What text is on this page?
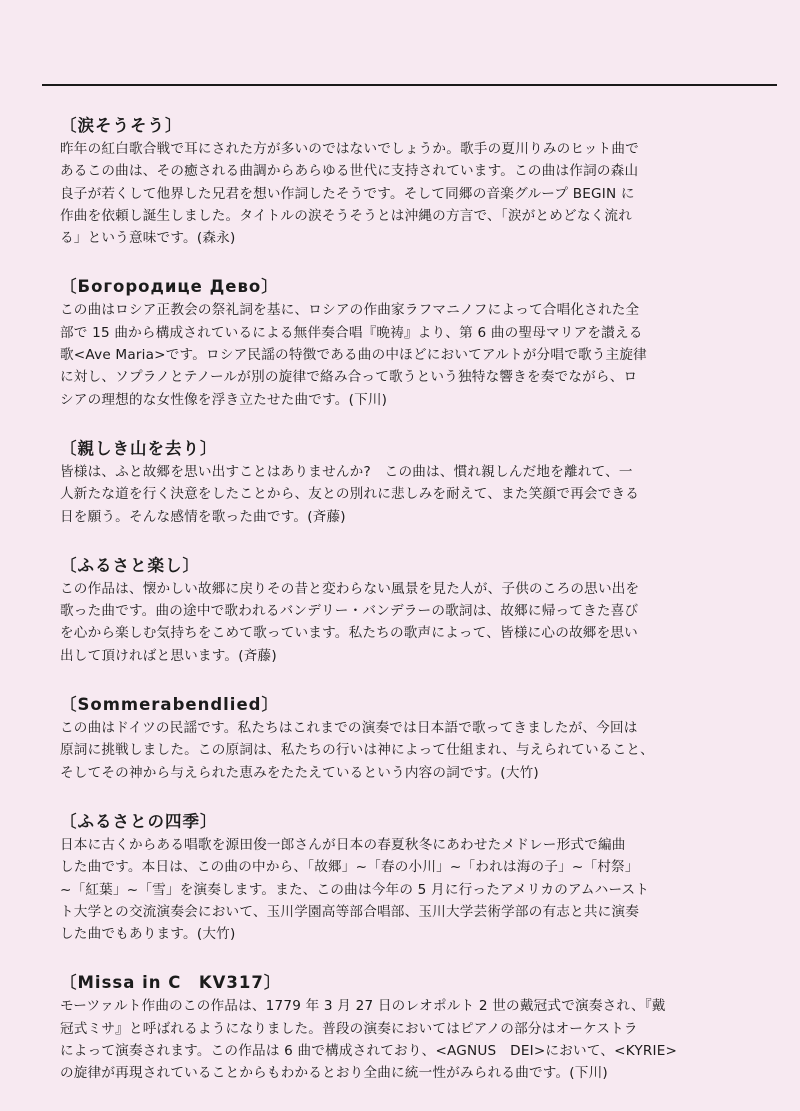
〔涙そうそう〕
昨年の紅白歌合戦で耳にされた方が多いのではないでしょうか。歌手の夏川りみのヒット曲で
あるこの曲は、その癒される曲調からあらゆる世代に支持されています。この曲は作詞の森山
良子が若くして他界した兄君を想い作詞したそうです。そして同郷の音楽グループ BEGIN に
作曲を依頼し誕生しました。タイトルの涙そうそうとは沖縄の方言で、「涙がとめどなく流れ
る」という意味です。(森永)
〔Богородице Дево〕
この曲はロシア正教会の祭礼詞を基に、ロシアの作曲家ラフマニノフによって合唱化された全
部で 15 曲から構成されているによる無伴奏合唱『晩祷』より、第 6 曲の聖母マリアを讃える
歌<Ave Maria>です。ロシア民謡の特徴である曲の中ほどにおいてアルトが分唱で歌う主旋律
に対し、ソプラノとテノールが別の旋律で絡み合って歌うという独特な響きを奏でながら、ロ
シアの理想的な女性像を浮き立たせた曲です。(下川)
〔親しき山を去り〕
皆様は、ふと故郷を思い出すことはありませんか?　この曲は、慣れ親しんだ地を離れて、一
人新たな道を行く決意をしたことから、友との別れに悲しみを耐えて、また笑顔で再会できる
日を願う。そんな感情を歌った曲です。(斉藤)
〔ふるさと楽し〕
この作品は、懐かしい故郷に戻りその昔と変わらない風景を見た人が、子供のころの思い出を
歌った曲です。曲の途中で歌われるバンデリー・バンデラーの歌詞は、故郷に帰ってきた喜び
を心から楽しむ気持ちをこめて歌っています。私たちの歌声によって、皆様に心の故郷を思い
出して頂ければと思います。(斉藤)
〔Sommerabendlied〕
この曲はドイツの民謡です。私たちはこれまでの演奏では日本語で歌ってきましたが、今回は
原詞に挑戦しました。この原詞は、私たちの行いは神によって仕組まれ、与えられていること、
そしてその神から与えられた恵みをたたえているという内容の詞です。(大竹)
〔ふるさとの四季〕
日本に古くからある唱歌を源田俊一郎さんが日本の春夏秋冬にあわせたメドレー形式で編曲
した曲です。本日は、この曲の中から、「故郷」~「春の小川」~「われは海の子」~「村祭」
~「紅葉」~「雪」を演奏します。また、この曲は今年の 5 月に行ったアメリカのアムハースト
ト大学との交流演奏会において、玉川学園高等部合唱部、玉川大学芸術学部の有志と共に演奏
した曲でもあります。(大竹)
〔Missa in C　KV317〕
モーツァルト作曲のこの作品は、1779 年 3 月 27 日のレオポルト 2 世の戴冠式で演奏され、『戴
冠式ミサ』と呼ばれるようになりました。普段の演奏においてはピアノの部分はオーケストラ
によって演奏されます。この作品は 6 曲で構成されており、<AGNUS　DEI>において、<KYRIE>
の旋律が再現されていることからもわかるとおり全曲に統一性がみられる曲です。(下川)
